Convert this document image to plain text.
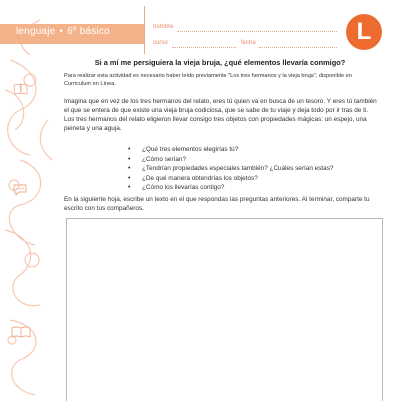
lenguaje • 6º básico	nombre
curso	fecha	L
Si a mí me persiguiera la vieja bruja, ¿qué elementos llevaría conmigo?
Para realizar esta actividad es necesario haber leído previamente "Los tres hermanos y la vieja bruja", disponible en Curriculum en Línea.

Imagina que en vez de los tres hermanos del relato, eres tú quien va en busca de un tesoro. Y eres tú también el que se entera de que existe una vieja bruja codiciosa, que se sabe de tu viaje y deja todo por ir tras de ti.

Los tres hermanos del relato eligieron llevar consigo tres objetos con propiedades mágicas: un espejo, una peineta y una aguja.

• ¿Qué tres elementos elegirías tú?
• ¿Cómo serían?
• ¿Tendrían propiedades especiales también? ¿Cuáles serían estas?
• ¿De qué manera obtendrías los objetos?
• ¿Cómo los llevarías contigo?
En la siguiente hoja, escribe un texto en el que respondas las preguntas anteriores. Al terminar, comparte tu escrito con tus compañeros.
